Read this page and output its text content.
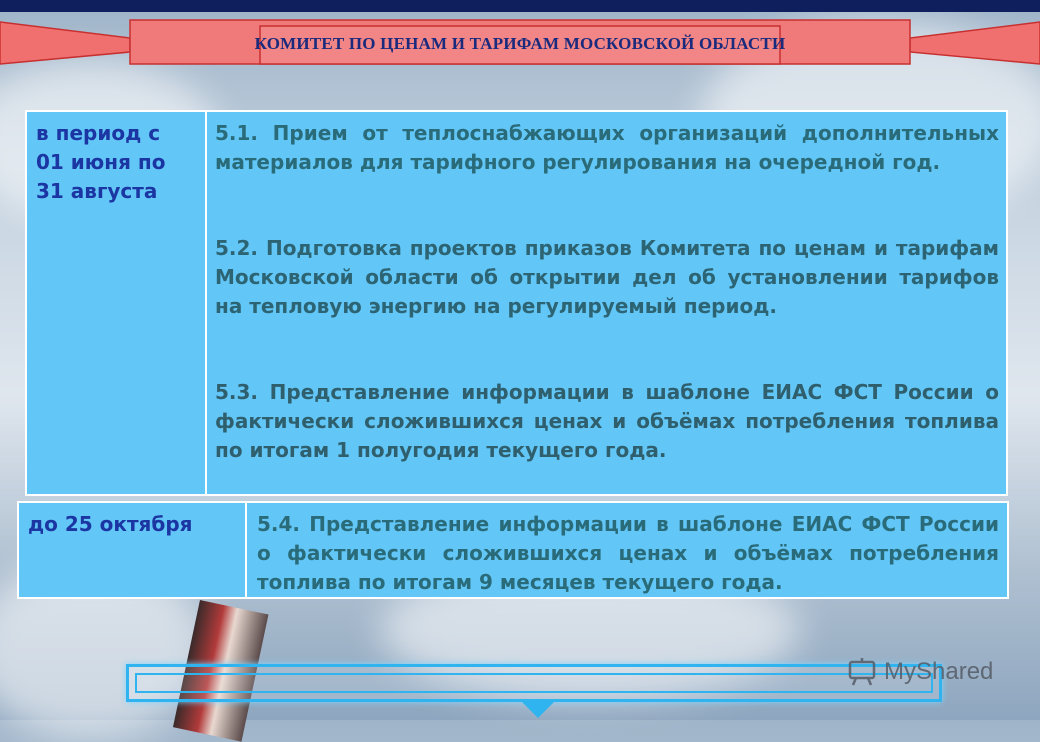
КОМИТЕТ ПО ЦЕНАМ И ТАРИФАМ МОСКОВСКОЙ ОБЛАСТИ
в период с
01 июня по
31 августа
5.1. Прием от теплоснабжающих организаций дополнительных материалов для тарифного регулирования на очередной год.
5.2. Подготовка проектов приказов Комитета по ценам и тарифам Московской области об открытии дел об установлении тарифов на тепловую энергию на регулируемый период.
5.3. Представление информации в шаблоне ЕИАС ФСТ России о фактически сложившихся ценах и объёмах потребления топлива по итогам 1 полугодия текущего года.
до 25 октября	5.4. Представление информации в шаблоне ЕИАС ФСТ России о фактически сложившихся ценах и объёмах потребления топлива по итогам 9 месяцев текущего года.
MyShared
